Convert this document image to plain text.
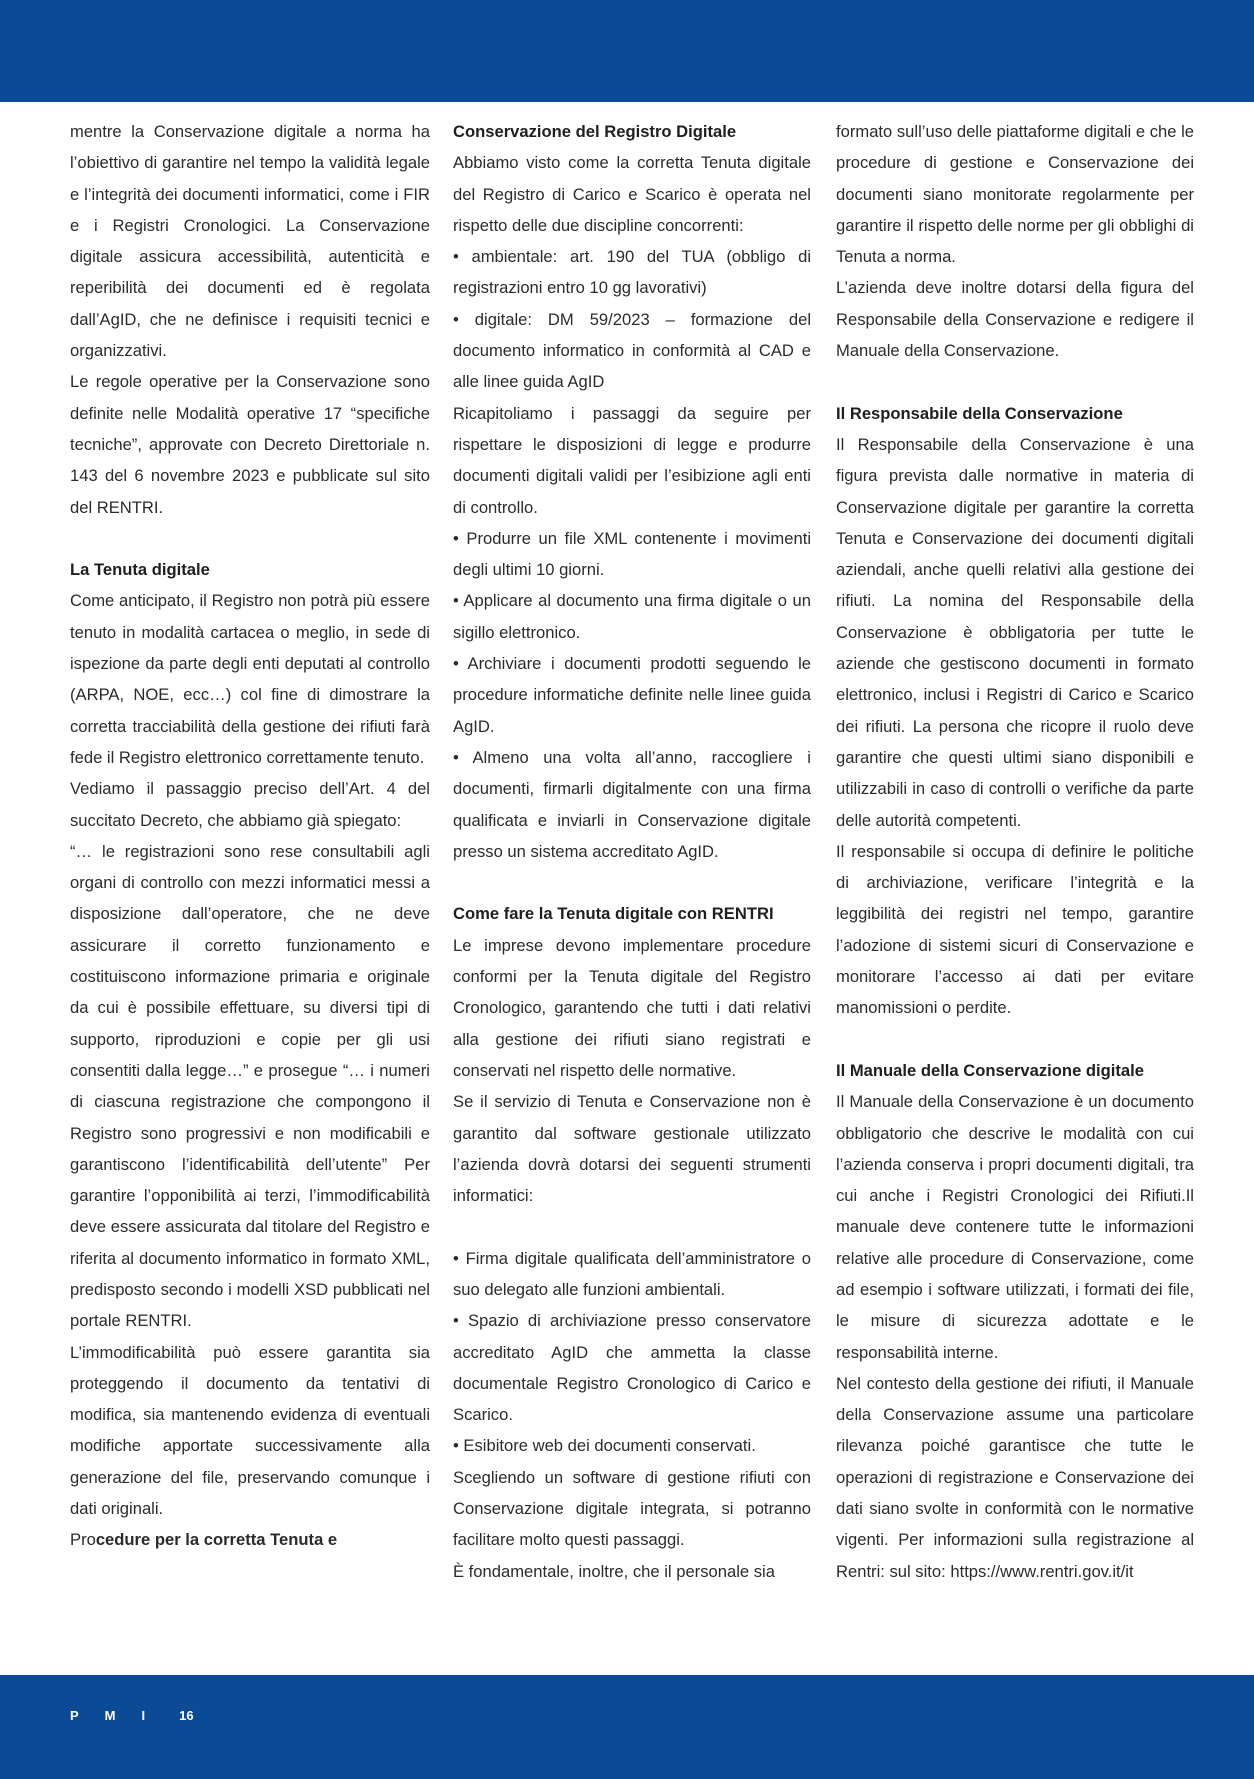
mentre la Conservazione digitale a norma ha l’obiettivo di garantire nel tempo la validità legale e l’integrità dei documenti informatici, come i FIR e i Registri Cronologici. La Conservazione digitale assicura accessibilità, autenticità e reperibilità dei documenti ed è regolata dall’AgID, che ne definisce i requisiti tecnici e organizzativi.

Le regole operative per la Conservazione sono definite nelle Modalità operative 17 “specifiche tecniche”, approvate con Decreto Direttoriale n. 143 del 6 novembre 2023 e pubblicate sul sito del RENTRI.

La Tenuta digitale

Come anticipato, il Registro non potrà più essere tenuto in modalità cartacea o meglio, in sede di ispezione da parte degli enti deputati al controllo (ARPA, NOE, ecc…) col fine di dimostrare la corretta tracciabilità della gestione dei rifiuti farà fede il Registro elettronico correttamente tenuto.

Vediamo il passaggio preciso dell’Art. 4 del succitato Decreto, che abbiamo già spiegato:

“… le registrazioni sono rese consultabili agli organi di controllo con mezzi informatici messi a disposizione dall’operatore, che ne deve assicurare il corretto funzionamento e costituiscono informazione primaria e originale da cui è possibile effettuare, su diversi tipi di supporto, riproduzioni e copie per gli usi consentiti dalla legge…” e prosegue “… i numeri di ciascuna registrazione che compongono il Registro sono progressivi e non modificabili e garantiscono l’identificabilità dell’utente” Per garantire l’opponibilità ai terzi, l’immodificabilità deve essere assicurata dal titolare del Registro e riferita al documento informatico in formato XML, predisposto secondo i modelli XSD pubblicati nel portale RENTRI.

L’immodificabilità può essere garantita sia proteggendo il documento da tentativi di modifica, sia mantenendo evidenza di eventuali modifiche apportate successivamente alla generazione del file, preservando comunque i dati originali.

Procedure per la corretta Tenuta e

Conservazione del Registro Digitale

Abbiamo visto come la corretta Tenuta digitale del Registro di Carico e Scarico è operata nel rispetto delle due discipline concorrenti:

• ambientale: art. 190 del TUA (obbligo di registrazioni entro 10 gg lavorativi)
• digitale: DM 59/2023 – formazione del documento informatico in conformità al CAD e alle linee guida AgID

Ricapitoliamo i passaggi da seguire per rispettare le disposizioni di legge e produrre documenti digitali validi per l’esibizione agli enti di controllo.

• Produrre un file XML contenente i movimenti degli ultimi 10 giorni.
• Applicare al documento una firma digitale o un sigillo elettronico.
• Archiviare i documenti prodotti seguendo le procedure informatiche definite nelle linee guida AgID.
• Almeno una volta all’anno, raccogliere i documenti, firmarli digitalmente con una firma qualificata e inviarli in Conservazione digitale presso un sistema accreditato AgID.
Come fare la Tenuta digitale con RENTRI

Le imprese devono implementare procedure conformi per la Tenuta digitale del Registro Cronologico, garantendo che tutti i dati relativi alla gestione dei rifiuti siano registrati e conservati nel rispetto delle normative.

Se il servizio di Tenuta e Conservazione non è garantito dal software gestionale utilizzato l’azienda dovrà dotarsi dei seguenti strumenti informatici:

• Firma digitale qualificata dell’amministratore o suo delegato alle funzioni ambientali.
• Spazio di archiviazione presso conservatore accreditato AgID che ammetta la classe documentale Registro Cronologico di Carico e Scarico.
• Esibitore web dei documenti conservati.

Scegliendo un software di gestione rifiuti con Conservazione digitale integrata, si potranno facilitare molto questi passaggi.

È fondamentale, inoltre, che il personale sia

formato sull’uso delle piattaforme digitali e che le procedure di gestione e Conservazione dei documenti siano monitorate regolarmente per garantire il rispetto delle norme per gli obblighi di Tenuta a norma.

L’azienda deve inoltre dotarsi della figura del Responsabile della Conservazione e redigere il Manuale della Conservazione.

Il Responsabile della Conservazione

Il Responsabile della Conservazione è una figura prevista dalle normative in materia di Conservazione digitale per garantire la corretta Tenuta e Conservazione dei documenti digitali aziendali, anche quelli relativi alla gestione dei rifiuti. La nomina del Responsabile della Conservazione è obbligatoria per tutte le aziende che gestiscono documenti in formato elettronico, inclusi i Registri di Carico e Scarico dei rifiuti. La persona che ricopre il ruolo deve garantire che questi ultimi siano disponibili e utilizzabili in caso di controlli o verifiche da parte delle autorità competenti.

Il responsabile si occupa di definire le politiche di archiviazione, verificare l’integrità e la leggibilità dei registri nel tempo, garantire l’adozione di sistemi sicuri di Conservazione e monitorare l’accesso ai dati per evitare manomissioni o perdite.

Il Manuale della Conservazione digitale

Il Manuale della Conservazione è un documento obbligatorio che descrive le modalità con cui l’azienda conserva i propri documenti digitali, tra cui anche i Registri Cronologici dei Rifiuti.Il manuale deve contenere tutte le informazioni relative alle procedure di Conservazione, come ad esempio i software utilizzati, i formati dei file, le misure di sicurezza adottate e le responsabilità interne.

Nel contesto della gestione dei rifiuti, il Manuale della Conservazione assume una particolare rilevanza poiché garantisce che tutte le operazioni di registrazione e Conservazione dei dati siano svolte in conformità con le normative vigenti. Per informazioni sulla registrazione al Rentri: sul sito: https://www.rentri.gov.it/it

PMI 16
